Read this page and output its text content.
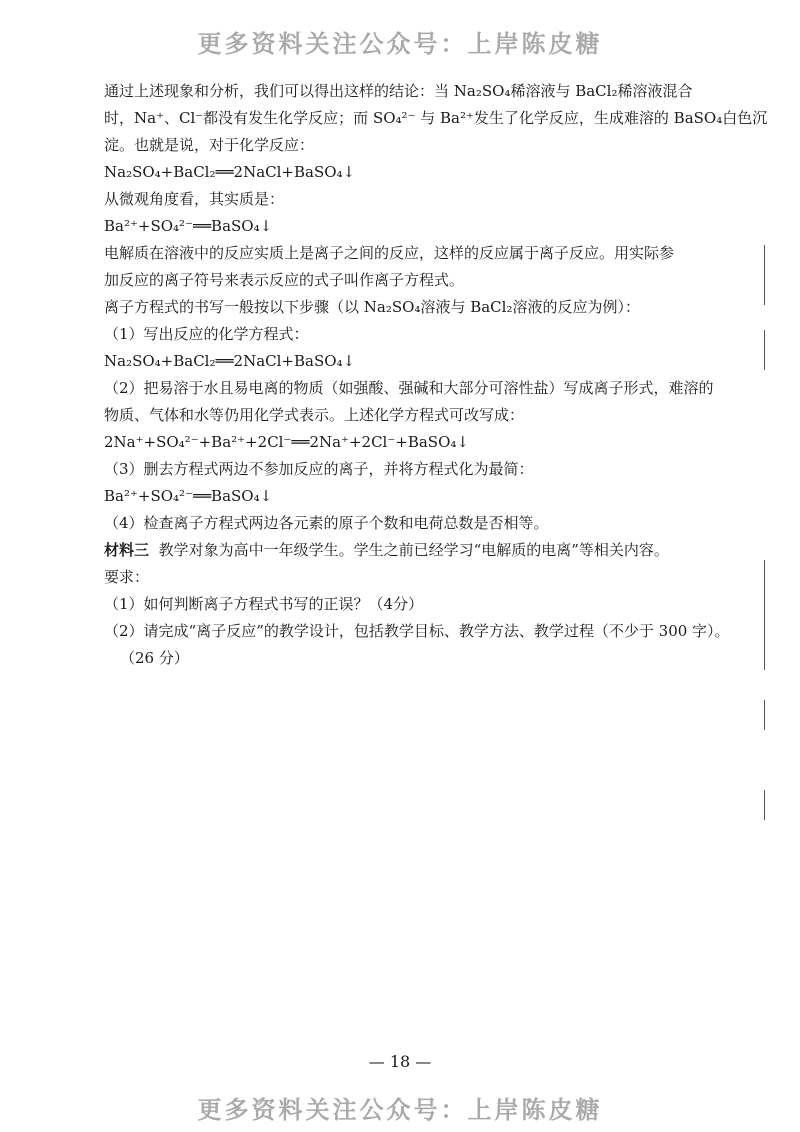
更多资料关注公众号：上岸陈皮糖
通过上述现象和分析，我们可以得出这样的结论：当 Na₂SO₄稀溶液与 BaCl₂稀溶液混合
时，Na⁺、Cl⁻都没有发生化学反应；而 SO₄²⁻ 与 Ba²⁺发生了化学反应，生成难溶的 BaSO₄白色沉
淀。也就是说，对于化学反应：
Na₂SO₄+BaCl₂══2NaCl+BaSO₄↓
从微观角度看，其实质是：
Ba²⁺+SO₄²⁻══BaSO₄↓
电解质在溶液中的反应实质上是离子之间的反应，这样的反应属于离子反应。用实际参
加反应的离子符号来表示反应的式子叫作离子方程式。
离子方程式的书写一般按以下步骤（以 Na₂SO₄溶液与 BaCl₂溶液的反应为例）：
（1）写出反应的化学方程式：
Na₂SO₄+BaCl₂══2NaCl+BaSO₄↓
（2）把易溶于水且易电离的物质（如强酸、强碱和大部分可溶性盐）写成离子形式，难溶的
物质、气体和水等仍用化学式表示。上述化学方程式可改写成：
2Na⁺+SO₄²⁻+Ba²⁺+2Cl⁻══2Na⁺+2Cl⁻+BaSO₄↓
（3）删去方程式两边不参加反应的离子，并将方程式化为最简：
Ba²⁺+SO₄²⁻══BaSO₄↓
（4）检查离子方程式两边各元素的原子个数和电荷总数是否相等。
材料三 教学对象为高中一年级学生。学生之前已经学习“电解质的电离”等相关内容。
要求：
（1）如何判断离子方程式书写的正误？（4分）
（2）请完成“离子反应”的教学设计，包括教学目标、教学方法、教学过程（不少于 300 字）。
（26 分）
— 18 —
更多资料关注公众号：上岸陈皮糖
